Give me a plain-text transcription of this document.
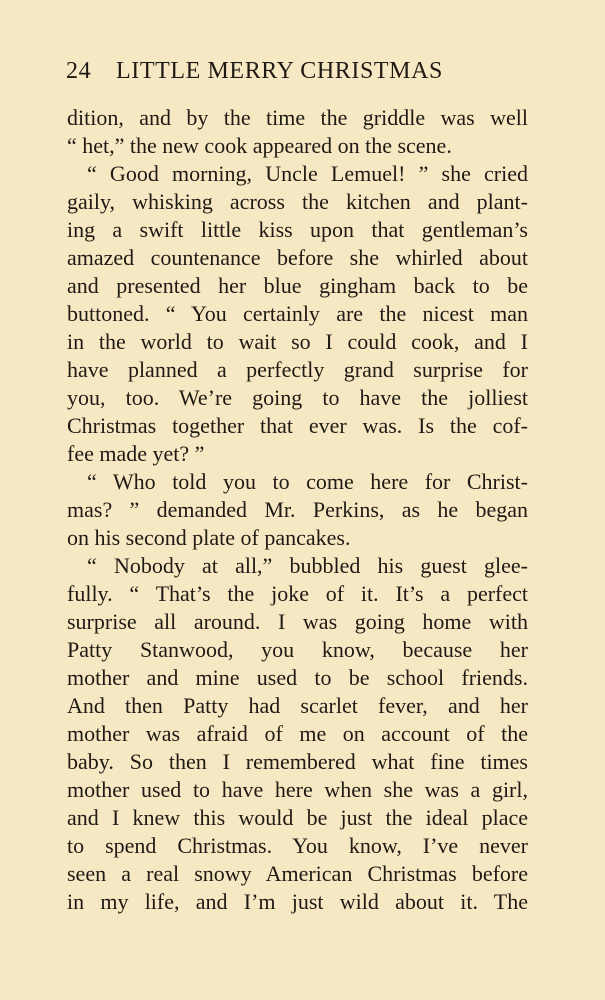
24	LITTLE MERRY CHRISTMAS
dition, and by the time the griddle was well
“ het,” the new cook appeared on the scene.
“ Good morning, Uncle Lemuel! ” she cried
gaily, whisking across the kitchen and plant-
ing a swift little kiss upon that gentleman’s
amazed countenance before she whirled about
and presented her blue gingham back to be
buttoned. “ You certainly are the nicest man
in the world to wait so I could cook, and I
have planned a perfectly grand surprise for
you, too. We’re going to have the jolliest
Christmas together that ever was. Is the cof-
fee made yet? ”
“ Who told you to come here for Christ-
mas? ” demanded Mr. Perkins, as he began
on his second plate of pancakes.
“ Nobody at all,” bubbled his guest glee-
fully. “ That’s the joke of it. It’s a perfect
surprise all around. I was going home with
Patty Stanwood, you know, because her
mother and mine used to be school friends.
And then Patty had scarlet fever, and her
mother was afraid of me on account of the
baby. So then I remembered what fine times
mother used to have here when she was a girl,
and I knew this would be just the ideal place
to spend Christmas. You know, I’ve never
seen a real snowy American Christmas before
in my life, and I’m just wild about it. The
